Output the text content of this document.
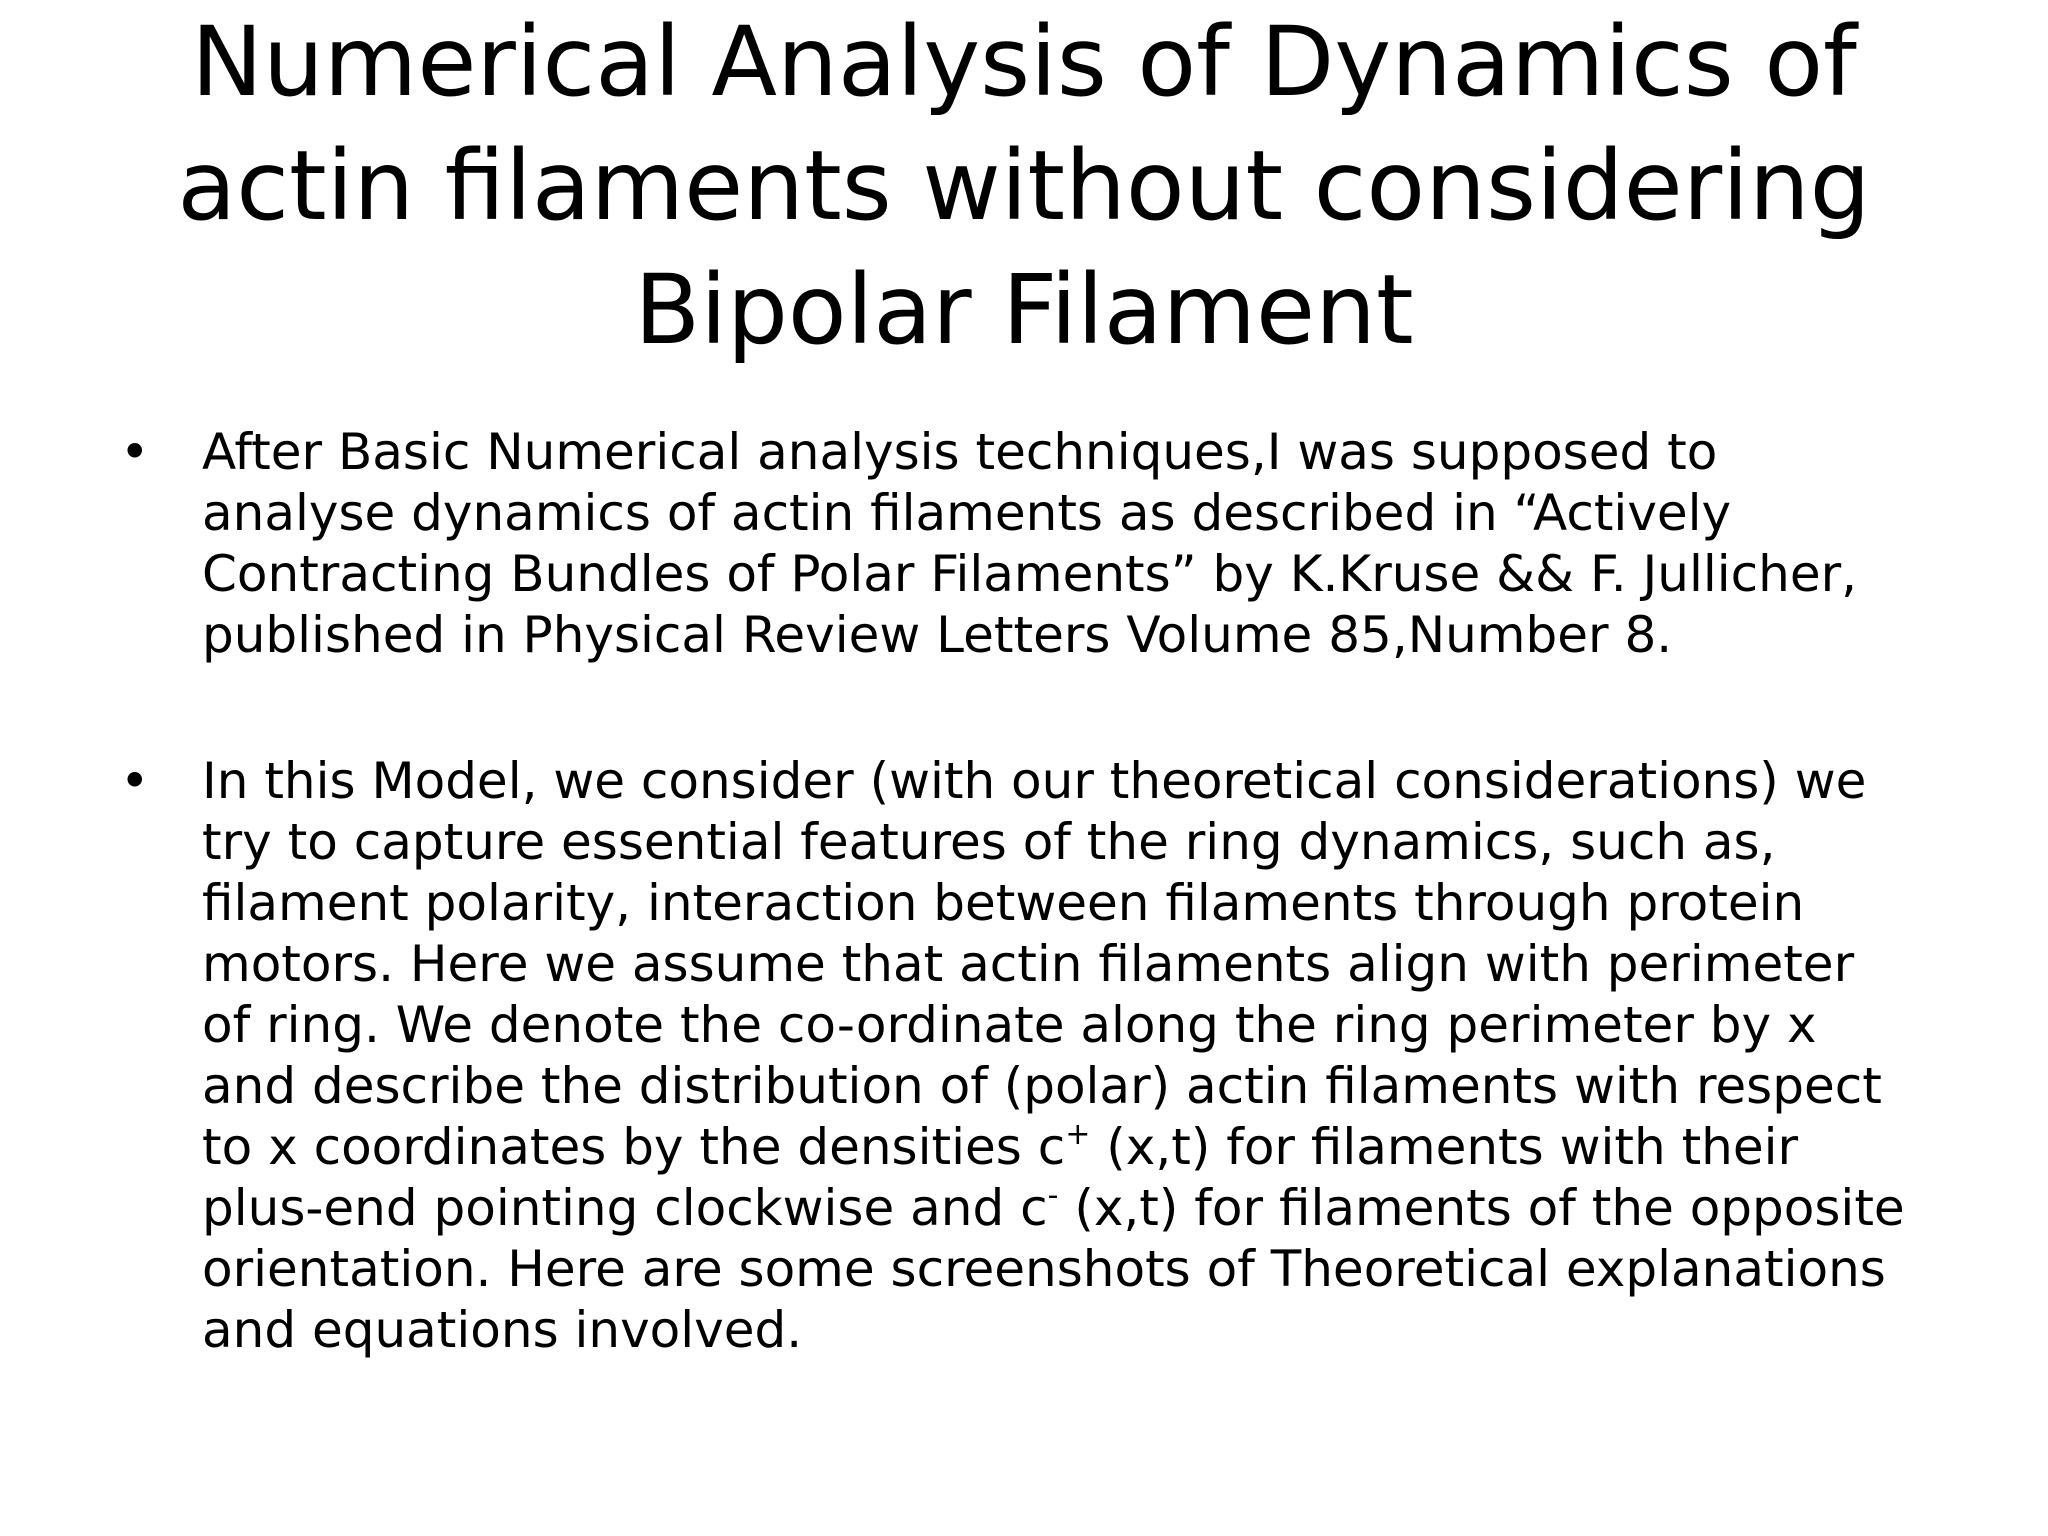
Numerical Analysis of Dynamics of
actin filaments without considering
Bipolar Filament
• After Basic Numerical analysis techniques,I was supposed to
analyse dynamics of actin filaments as described in “Actively
Contracting Bundles of Polar Filaments” by K.Kruse && F. Jullicher,
published in Physical Review Letters Volume 85,Number 8.
• In this Model, we consider (with our theoretical considerations) we
try to capture essential features of the ring dynamics, such as,
filament polarity, interaction between filaments through protein
motors. Here we assume that actin filaments align with perimeter
of ring. We denote the co-ordinate along the ring perimeter by x
and describe the distribution of (polar) actin filaments with respect
to x coordinates by the densities c+ (x,t) for filaments with their
plus-end pointing clockwise and c- (x,t) for filaments of the opposite
orientation. Here are some screenshots of Theoretical explanations
and equations involved.
